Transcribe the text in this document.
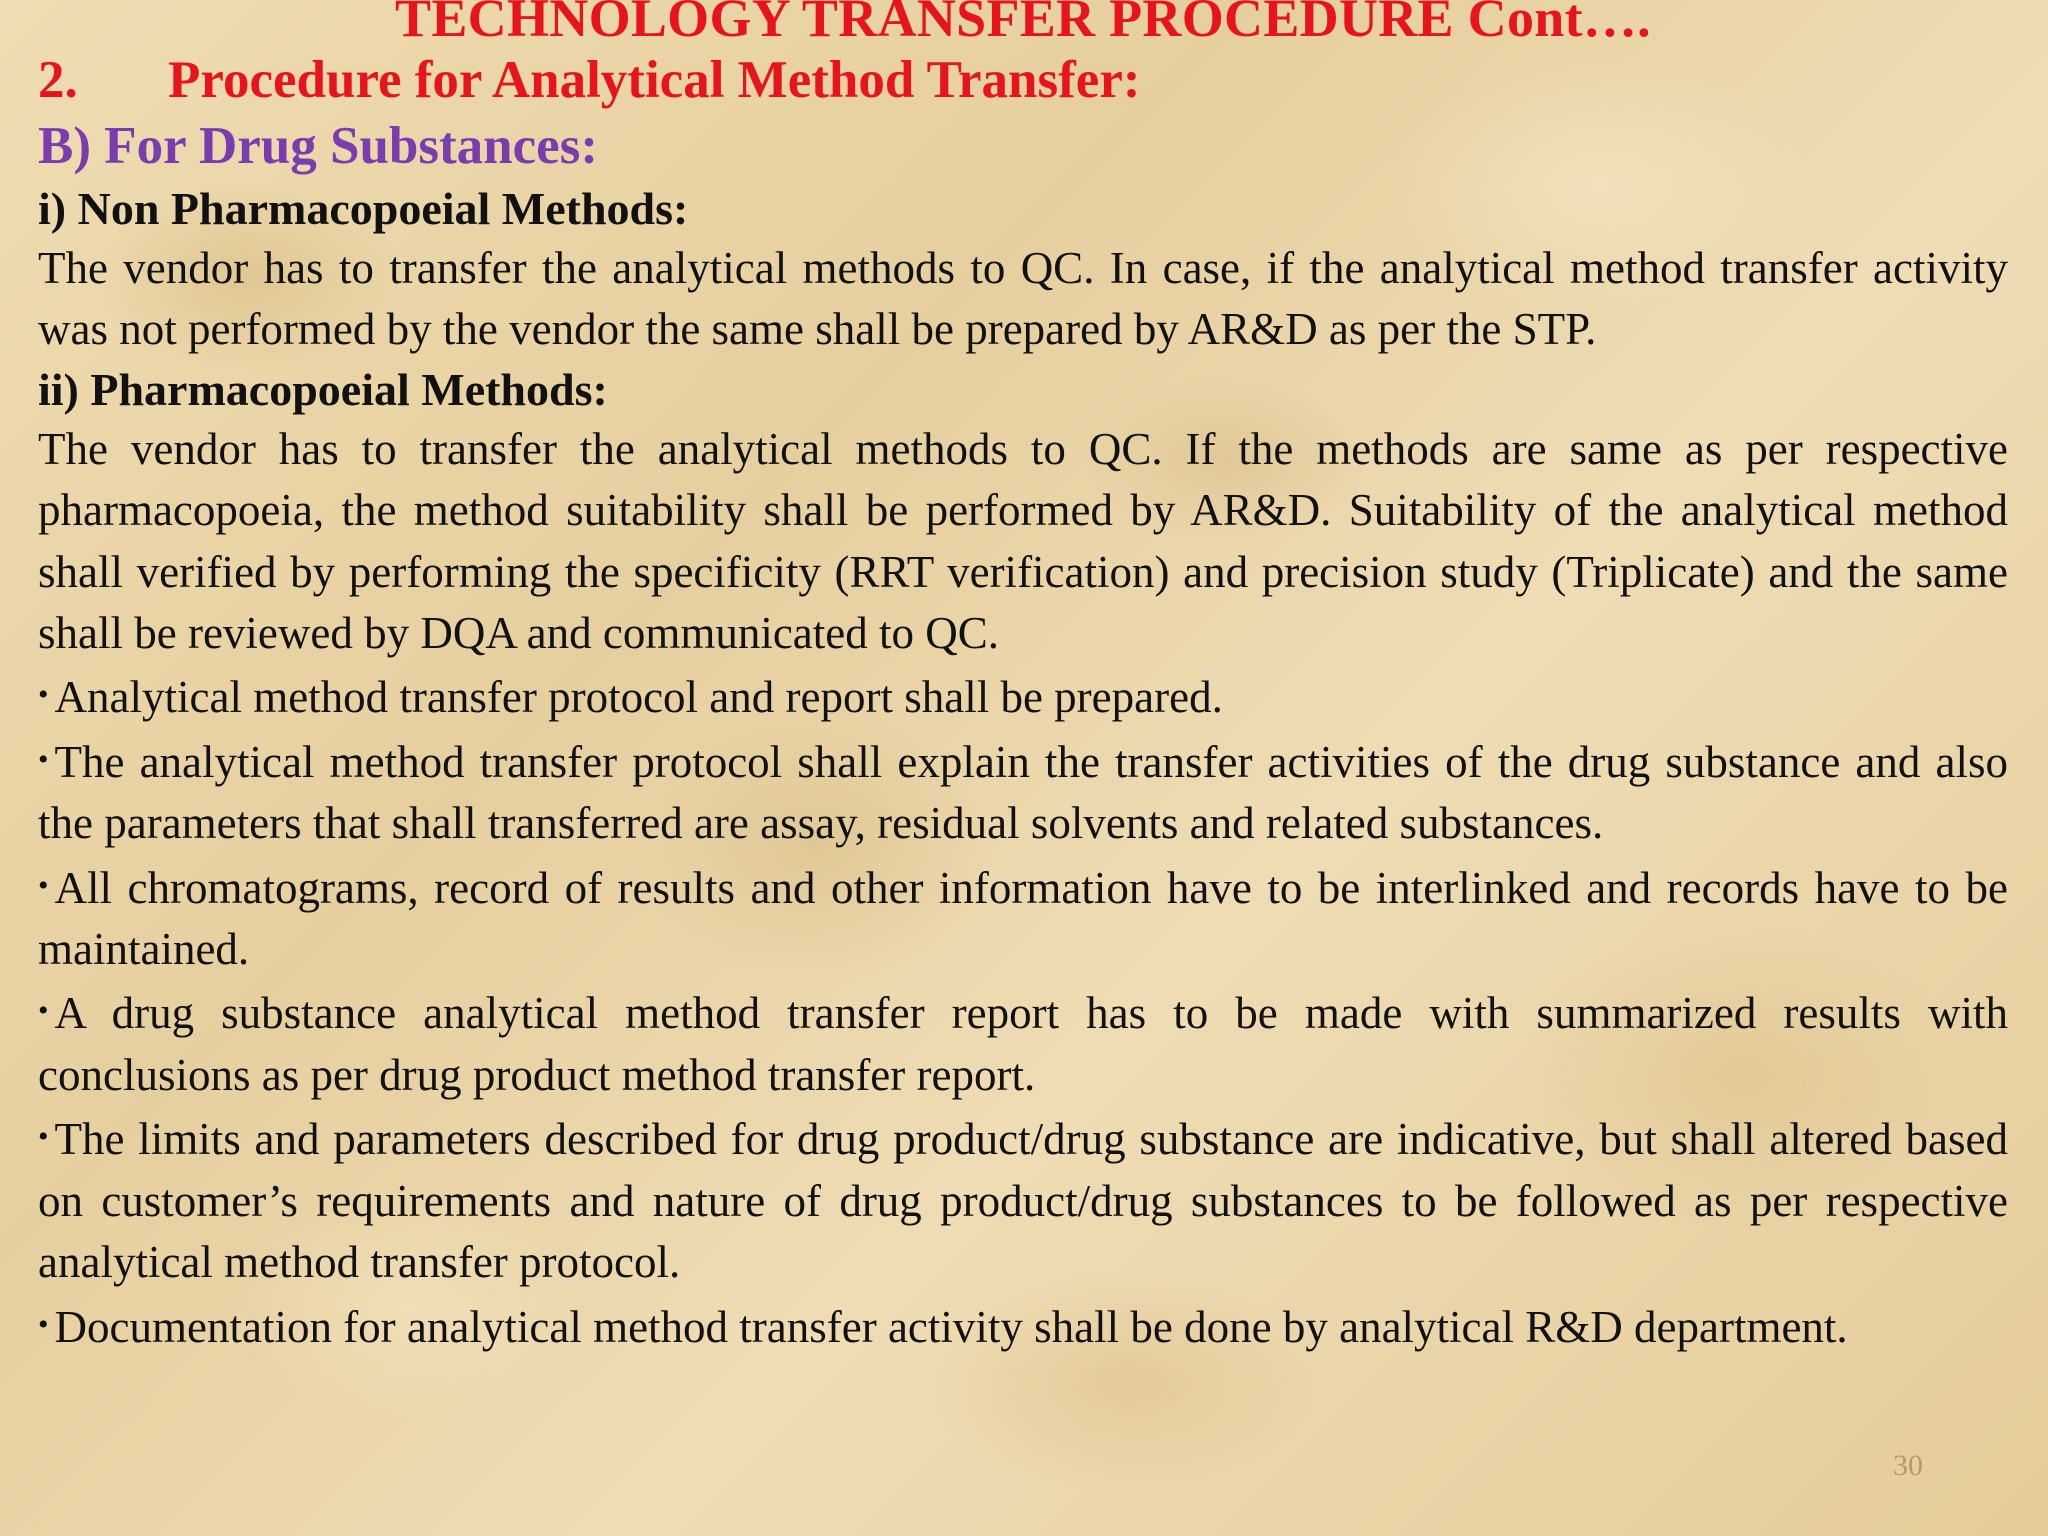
TECHNOLOGY TRANSFER PROCEDURE Cont….
2.	Procedure for Analytical Method Transfer:
B) For Drug Substances:
i) Non Pharmacopoeial Methods:

The vendor has to transfer the analytical methods to QC. In case, if the analytical method transfer activity was not performed by the vendor the same shall be prepared by AR&D as per the STP.

ii) Pharmacopoeial Methods:

The vendor has to transfer the analytical methods to QC. If the methods are same as per respective pharmacopoeia, the method suitability shall be performed by AR&D. Suitability of the analytical method shall verified by performing the specificity (RRT verification) and precision study (Triplicate) and the same shall be reviewed by DQA and communicated to QC.

• Analytical method transfer protocol and report shall be prepared.
• The analytical method transfer protocol shall explain the transfer activities of the drug substance and also the parameters that shall transferred are assay, residual solvents and related substances.
• All chromatograms, record of results and other information have to be interlinked and records have to be maintained.
• A drug substance analytical method transfer report has to be made with summarized results with conclusions as per drug product method transfer report.
• The limits and parameters described for drug product/drug substance are indicative, but shall altered based on customer’s requirements and nature of drug product/drug substances to be followed as per respective analytical method transfer protocol.
• Documentation for analytical method transfer activity shall be done by analytical R&D department.
30
